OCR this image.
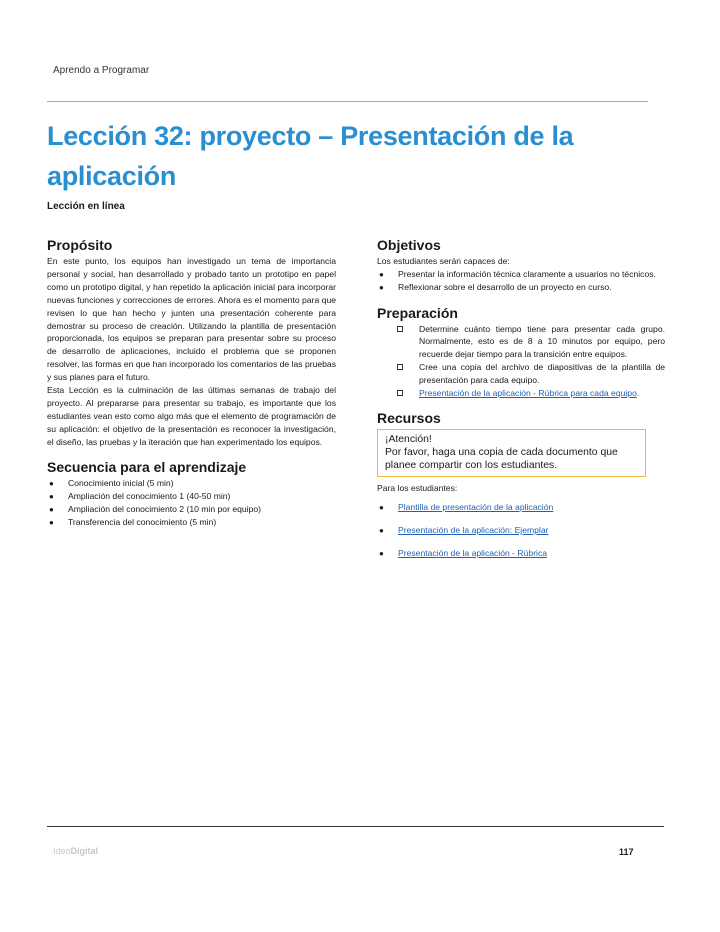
Aprendo a Programar
Lección 32: proyecto – Presentación de la aplicación
Lección en línea
Propósito

En este punto, los equipos han investigado un tema de importancia personal y social, han desarrollado y probado tanto un prototipo en papel como un prototipo digital, y han repetido la aplicación inicial para incorporar nuevas funciones y correcciones de errores. Ahora es el momento para que revisen lo que han hecho y junten una presentación coherente para demostrar su proceso de creación. Utilizando la plantilla de presentación proporcionada, los equipos se preparan para presentar sobre su proceso de desarrollo de aplicaciones, incluido el problema que se proponen resolver, las formas en que han incorporado los comentarios de las pruebas y sus planes para el futuro.

Esta Lección es la culminación de las últimas semanas de trabajo del proyecto. Al prepararse para presentar su trabajo, es importante que los estudiantes vean esto como algo más que el elemento de programación de su aplicación: el objetivo de la presentación es reconocer la investigación, el diseño, las pruebas y la iteración que han experimentado los equipos.

Secuencia para el aprendizaje
● Conocimiento inicial (5 min)
● Ampliación del conocimiento 1 (40-50 min)
● Ampliación del conocimiento 2 (10 min por equipo)
● Transferencia del conocimiento (5 min)
Objetivos

Los estudiantes serán capaces de:

● Presentar la información técnica claramente a usuarios no técnicos.
● Reflexionar sobre el desarrollo de un proyecto en curso.
Preparación
Determine cuánto tiempo tiene para presentar cada grupo. Normalmente, esto es de 8 a 10 minutos por equipo, pero recuerde dejar tiempo para la transición entre equipos.
Cree una copia del archivo de diapositivas de la plantilla de presentación para cada equipo.
Presentación de la aplicación - Rúbrica para cada equipo.
Recursos
¡Atención!
Por favor, haga una copia de cada documento que planee compartir con los estudiantes.

Para los estudiantes:

● Plantilla de presentación de la aplicación
● Presentación de la aplicación: Ejemplar
● Presentación de la aplicación - Rúbrica
IdeoDigital	117
